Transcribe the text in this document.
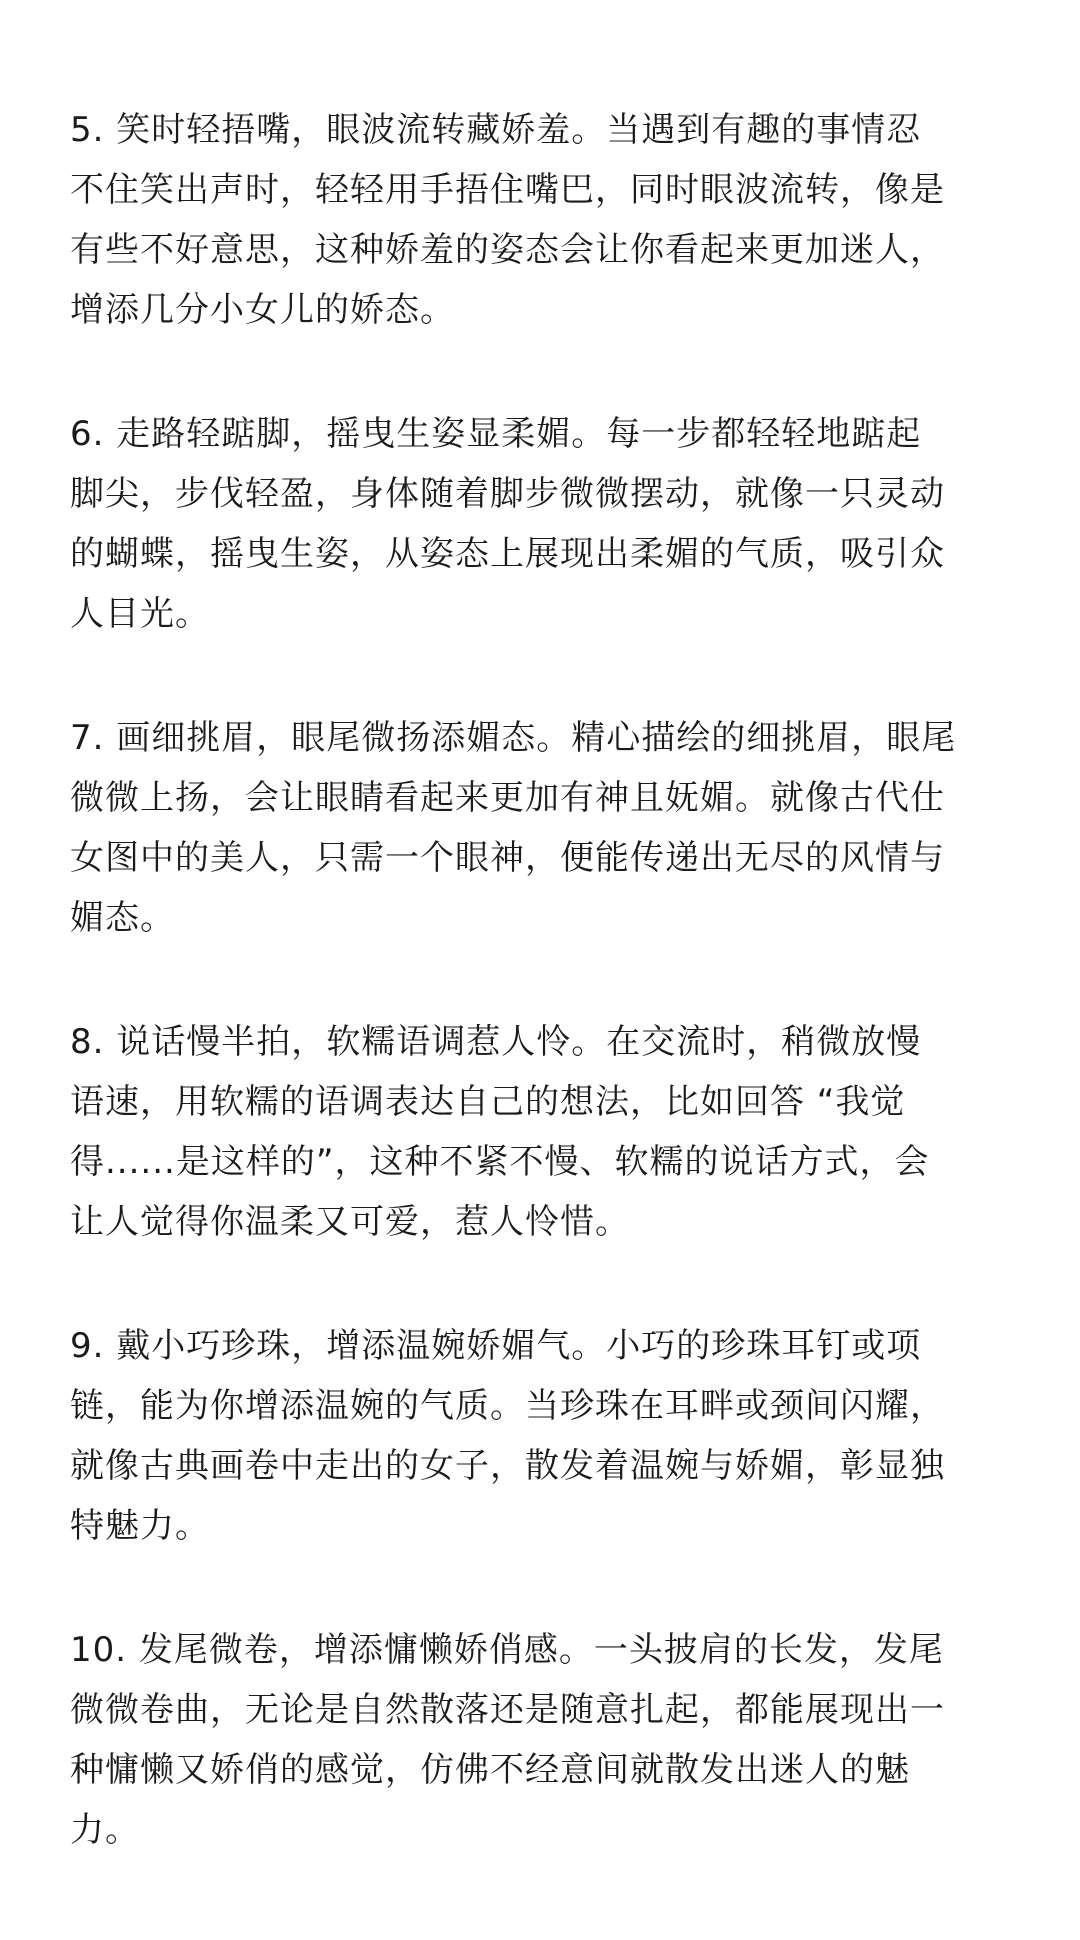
5. 笑时轻捂嘴，眼波流转藏娇羞。当遇到有趣的事情忍
不住笑出声时，轻轻用手捂住嘴巴，同时眼波流转，像是
有些不好意思，这种娇羞的姿态会让你看起来更加迷人，
增添几分小女儿的娇态。
6. 走路轻踮脚，摇曳生姿显柔媚。每一步都轻轻地踮起
脚尖，步伐轻盈，身体随着脚步微微摆动，就像一只灵动
的蝴蝶，摇曳生姿，从姿态上展现出柔媚的气质，吸引众
人目光。
7. 画细挑眉，眼尾微扬添媚态。精心描绘的细挑眉，眼尾
微微上扬，会让眼睛看起来更加有神且妩媚。就像古代仕
女图中的美人，只需一个眼神，便能传递出无尽的风情与
媚态。
8. 说话慢半拍，软糯语调惹人怜。在交流时，稍微放慢
语速，用软糯的语调表达自己的想法，比如回答 “我觉
得......是这样的”，这种不紧不慢、软糯的说话方式，会
让人觉得你温柔又可爱，惹人怜惜。
9. 戴小巧珍珠，增添温婉娇媚气。小巧的珍珠耳钉或项
链，能为你增添温婉的气质。当珍珠在耳畔或颈间闪耀，
就像古典画卷中走出的女子，散发着温婉与娇媚，彰显独
特魅力。
10. 发尾微卷，增添慵懒娇俏感。一头披肩的长发，发尾
微微卷曲，无论是自然散落还是随意扎起，都能展现出一
种慵懒又娇俏的感觉，仿佛不经意间就散发出迷人的魅
力。
